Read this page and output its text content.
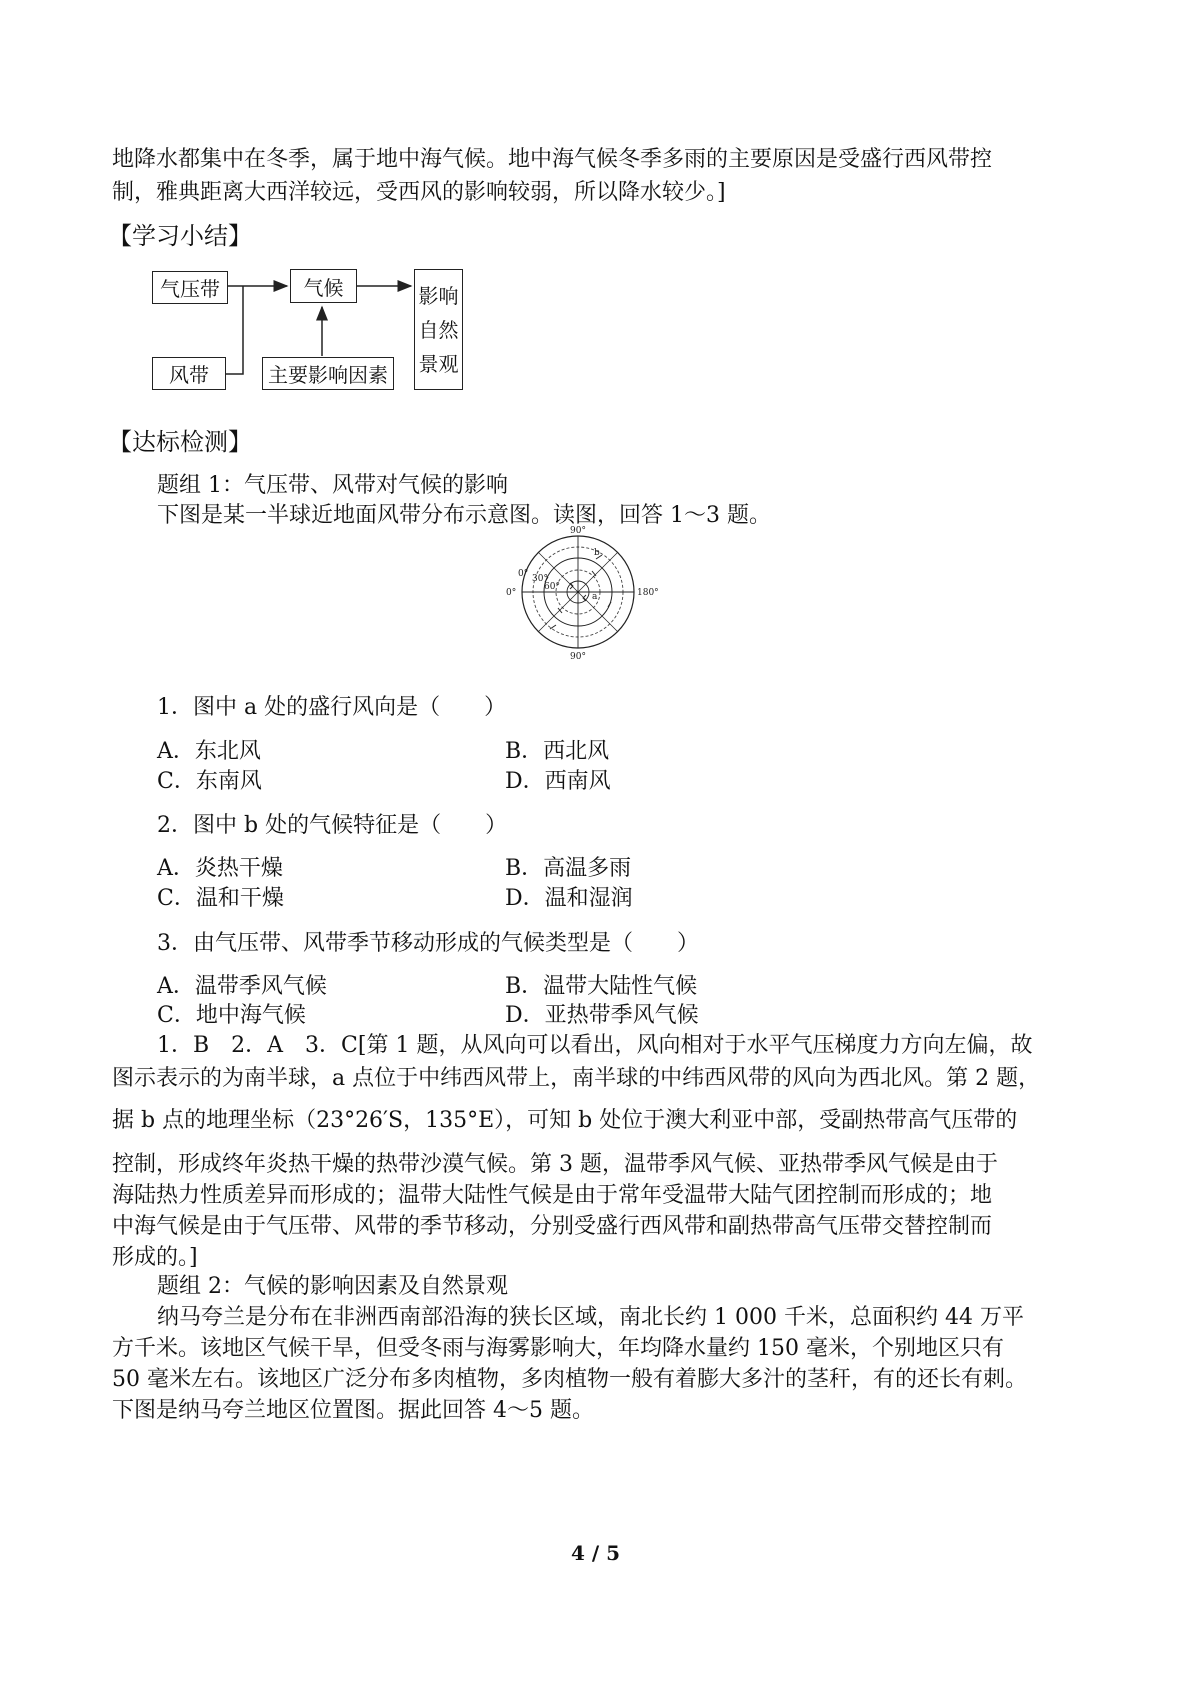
地降水都集中在冬季，属于地中海气候。地中海气候冬季多雨的主要原因是受盛行西风带控
制，雅典距离大西洋较远，受西风的影响较弱，所以降水较少。]
【学习小结】
气压带	气候
风带	主要影响因素
影响
自然
景观
【达标检测】
题组 1：气压带、风带对气候的影响
下图是某一半球近地面风带分布示意图。读图，回答 1～3 题。
90°
90°
0°
0°
180°
30°
60°
a
b
1．图中 a 处的盛行风向是（　　）
A．东北风	B．西北风
C．东南风	D．西南风
2．图中 b 处的气候特征是（　　）
A．炎热干燥	B．高温多雨
C．温和干燥	D．温和湿润
3．由气压带、风带季节移动形成的气候类型是（　　）
A．温带季风气候	B．温带大陆性气候
C．地中海气候	D．亚热带季风气候
1．B　2．A　3．C[第 1 题，从风向可以看出，风向相对于水平气压梯度力方向左偏，故
图示表示的为南半球，a 点位于中纬西风带上，南半球的中纬西风带的风向为西北风。第 2 题，
据 b 点的地理坐标（23°26′S，135°E），可知 b 处位于澳大利亚中部，受副热带高气压带的
控制，形成终年炎热干燥的热带沙漠气候。第 3 题，温带季风气候、亚热带季风气候是由于
海陆热力性质差异而形成的；温带大陆性气候是由于常年受温带大陆气团控制而形成的；地
中海气候是由于气压带、风带的季节移动，分别受盛行西风带和副热带高气压带交替控制而
形成的。]
题组 2：气候的影响因素及自然景观
纳马夸兰是分布在非洲西南部沿海的狭长区域，南北长约 1 000 千米，总面积约 44 万平
方千米。该地区气候干旱，但受冬雨与海雾影响大，年均降水量约 150 毫米，个别地区只有
50 毫米左右。该地区广泛分布多肉植物，多肉植物一般有着膨大多汁的茎秆，有的还长有刺。
下图是纳马夸兰地区位置图。据此回答 4～5 题。
4 / 5
